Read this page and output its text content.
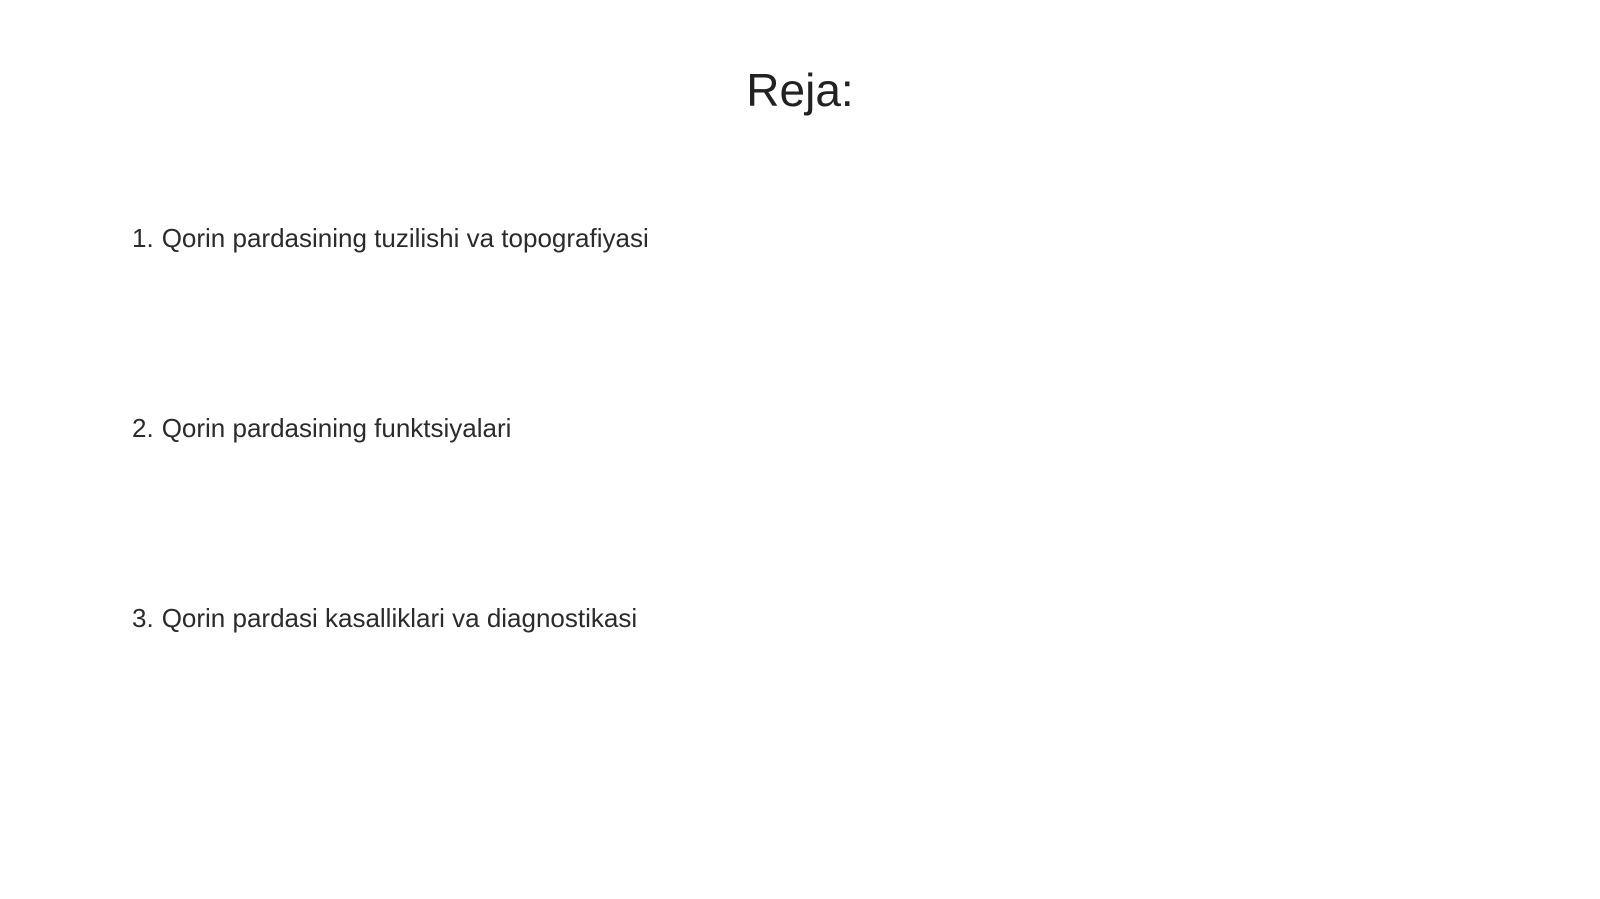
Reja:
1. Qorin pardasining tuzilishi va topografiyasi
2. Qorin pardasining funktsiyalari
3. Qorin pardasi kasalliklari va diagnostikasi
